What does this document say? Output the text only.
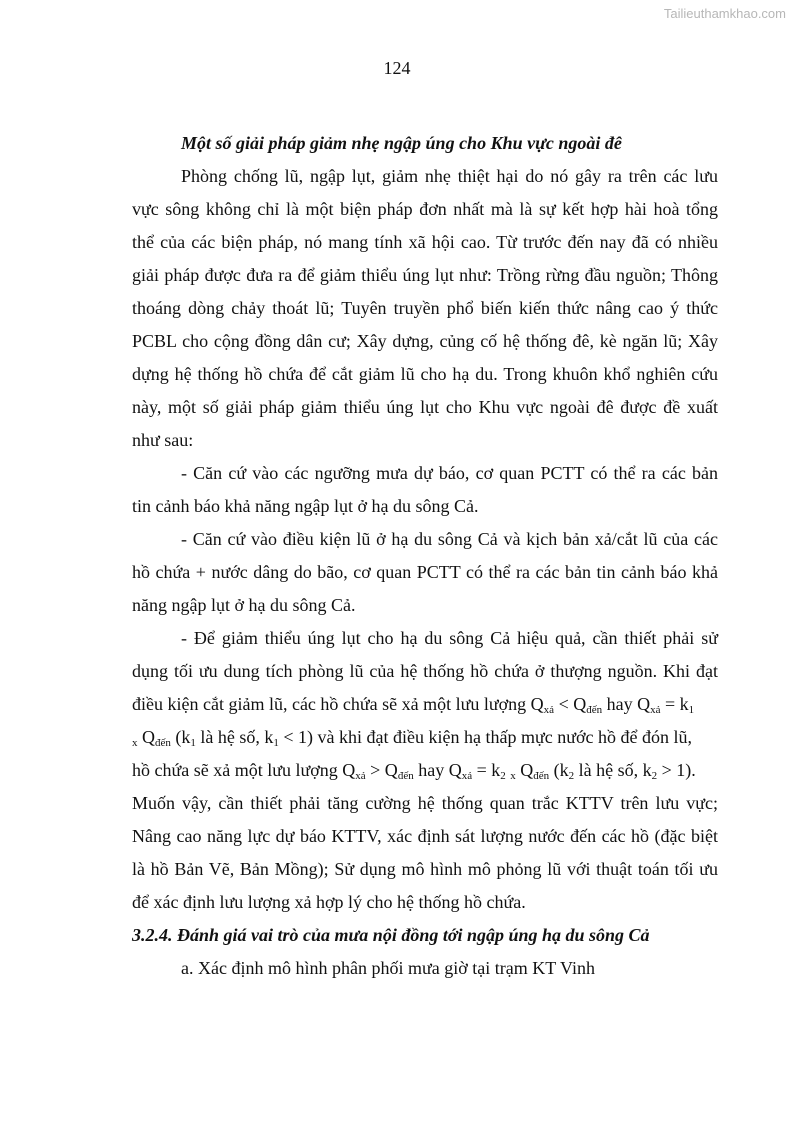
Tailieuthamkhao.com
124
Một số giải pháp giảm nhẹ ngập úng cho Khu vực ngoài đê
Phòng chống lũ, ngập lụt, giảm nhẹ thiệt hại do nó gây ra trên các lưu
vực sông không chỉ là một biện pháp đơn nhất mà là sự kết hợp hài hoà tổng
thể của các biện pháp, nó mang tính xã hội cao. Từ trước đến nay đã có nhiều
giải pháp được đưa ra để giảm thiểu úng lụt như: Trồng rừng đầu nguồn; Thông
thoáng dòng chảy thoát lũ; Tuyên truyền phổ biến kiến thức nâng cao ý thức
PCBL cho cộng đồng dân cư; Xây dựng, củng cố hệ thống đê, kè ngăn lũ; Xây
dựng hệ thống hồ chứa để cắt giảm lũ cho hạ du. Trong khuôn khổ nghiên cứu
này, một số giải pháp giảm thiểu úng lụt cho Khu vực ngoài đê được đề xuất
như sau:
- Căn cứ vào các ngưỡng mưa dự báo, cơ quan PCTT có thể ra các bản
tin cảnh báo khả năng ngập lụt ở hạ du sông Cả.
- Căn cứ vào điều kiện lũ ở hạ du sông Cả và kịch bản xả/cắt lũ của các
hồ chứa + nước dâng do bão, cơ quan PCTT có thể ra các bản tin cảnh báo khả
năng ngập lụt ở hạ du sông Cả.
- Để giảm thiểu úng lụt cho hạ du sông Cả hiệu quả, cần thiết phải sử
dụng tối ưu dung tích phòng lũ của hệ thống hồ chứa ở thượng nguồn. Khi đạt
điều kiện cắt giảm lũ, các hồ chứa sẽ xả một lưu lượng $Q_{xả} < Q_{đến}$ hay $Q_{xả} = k_1$
$_x$ $Q_{đến}$ ($k_1$ là hệ số, $k_1 < 1$) và khi đạt điều kiện hạ thấp mực nước hồ để đón lũ,
hồ chứa sẽ xả một lưu lượng $Q_{xả} > Q_{đến}$ hay $Q_{xả} = k_2$ $_x$ $Q_{đến}$ ($k_2$ là hệ số, $k_2 > 1$).
Muốn vậy, cần thiết phải tăng cường hệ thống quan trắc KTTV trên lưu vực;
Nâng cao năng lực dự báo KTTV, xác định sát lượng nước đến các hồ (đặc biệt
là hồ Bản Vẽ, Bản Mồng); Sử dụng mô hình mô phỏng lũ với thuật toán tối ưu
để xác định lưu lượng xả hợp lý cho hệ thống hồ chứa.
3.2.4. Đánh giá vai trò của mưa nội đồng tới ngập úng hạ du sông Cả
a. Xác định mô hình phân phối mưa giờ tại trạm KT Vinh
